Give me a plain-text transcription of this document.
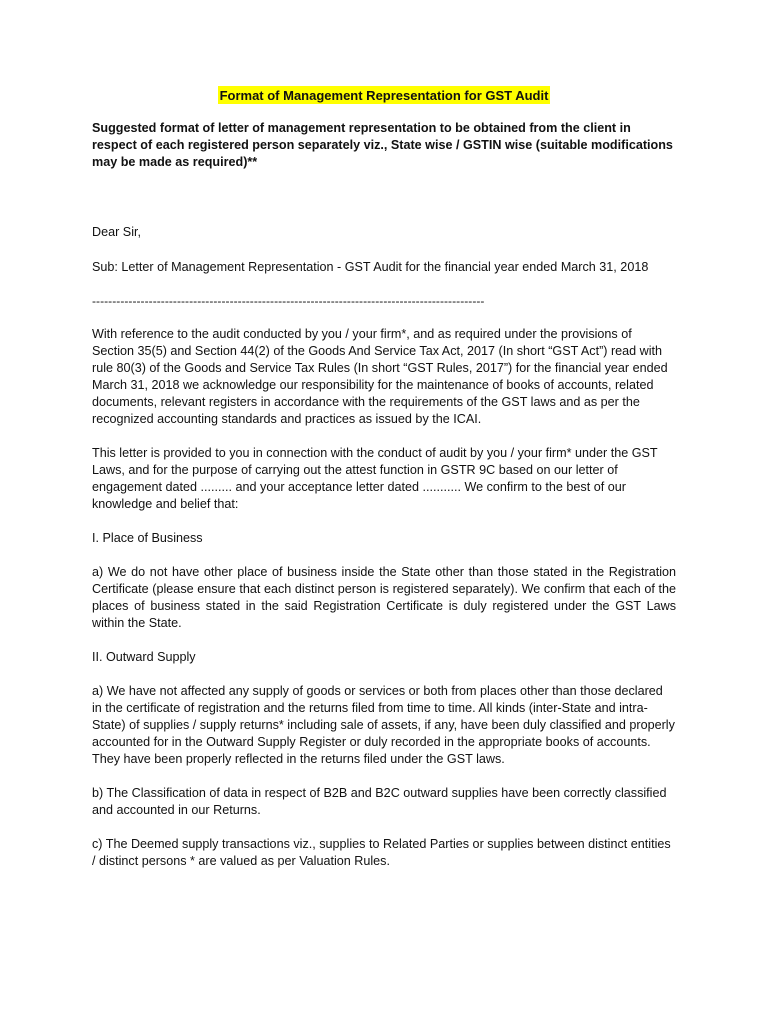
Format of Management Representation for GST Audit

Suggested format of letter of management representation to be obtained from the client in respect of each registered person separately viz., State wise / GSTIN wise (suitable modifications may be made as required)**

Dear Sir,

Sub: Letter of Management Representation - GST Audit for the financial year ended March 31, 2018

-------------------------------------------------------------------------------------------------

With reference to the audit conducted by you / your firm*, and as required under the provisions of Section 35(5) and Section 44(2) of the Goods And Service Tax Act, 2017 (In short “GST Act”) read with rule 80(3) of the Goods and Service Tax Rules (In short “GST Rules, 2017”) for the financial year ended March 31, 2018 we acknowledge our responsibility for the maintenance of books of accounts, related documents, relevant registers in accordance with the requirements of the GST laws and as per the recognized accounting standards and practices as issued by the ICAI.

This letter is provided to you in connection with the conduct of audit by you / your firm* under the GST Laws, and for the purpose of carrying out the attest function in GSTR 9C based on our letter of engagement dated ......... and your acceptance letter dated ........... We confirm to the best of our knowledge and belief that:

I. Place of Business

a) We do not have other place of business inside the State other than those stated in the Registration Certificate (please ensure that each distinct person is registered separately). We confirm that each of the places of business stated in the said Registration Certificate is duly registered under the GST Laws within the State.

II. Outward Supply

a) We have not affected any supply of goods or services or both from places other than those declared in the certificate of registration and the returns filed from time to time. All kinds (inter-State and intra-State) of supplies / supply returns* including sale of assets, if any, have been duly classified and properly accounted for in the Outward Supply Register or duly recorded in the appropriate books of accounts. They have been properly reflected in the returns filed under the GST laws.

b) The Classification of data in respect of B2B and B2C outward supplies have been correctly classified and accounted in our Returns.

c) The Deemed supply transactions viz., supplies to Related Parties or supplies between distinct entities / distinct persons * are valued as per Valuation Rules.
